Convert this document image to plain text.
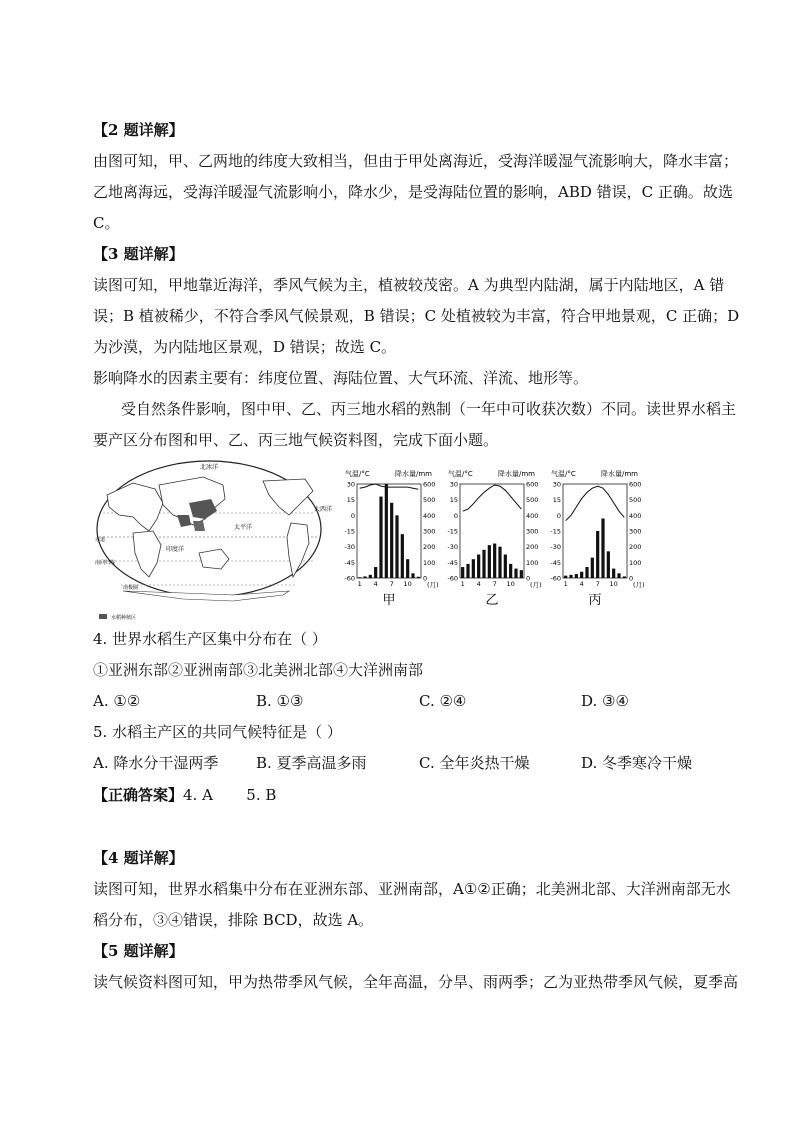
【2 题详解】
由图可知，甲、乙两地的纬度大致相当，但由于甲处离海近，受海洋暖湿气流影响大，降水丰富；
乙地离海远，受海洋暖湿气流影响小，降水少，是受海陆位置的影响，ABD 错误，C 正确。故选
C。
【3 题详解】
读图可知，甲地靠近海洋，季风气候为主，植被较茂密。A 为典型内陆湖，属于内陆地区，A 错
误；B 植被稀少，不符合季风气候景观，B 错误；C 处植被较为丰富，符合甲地景观，C 正确；D
为沙漠，为内陆地区景观，D 错误；故选 C。
影响降水的因素主要有：纬度位置、海陆位置、大气环流、洋流、地形等。
受自然条件影响，图中甲、乙、丙三地水稻的熟制（一年中可收获次数）不同。读世界水稻主
要产区分布图和甲、乙、丙三地气候资料图，完成下面小题。
北冰洋
太平洋
大西洋
印度洋
赤道
南回归线
南极圈
水稻种植区
气温/°C	降水量/mm
30
15
0
-15
-30
-45
-60
600
500
400
300
200
100
0
1 4 7 10 (月)
甲
气温/°C	降水量/mm
30
15
0
-15
-30
-45
-60
600
500
400
300
200
100
0
1 4 7 10 (月)
乙
气温/°C	降水量/mm
30
15
0
-15
-30
-45
-60
600
500
400
300
200
100
0
1 4 7 10 (月)
丙
4. 世界水稻生产区集中分布在（ ）
①亚洲东部②亚洲南部③北美洲北部④大洋洲南部
A. ①②	B. ①③	C. ②④	D. ③④
5. 水稻主产区的共同气候特征是（ ）
A. 降水分干湿两季	B. 夏季高温多雨	C. 全年炎热干燥	D. 冬季寒冷干燥
【正确答案】4. A       5. B
【4 题详解】
读图可知，世界水稻集中分布在亚洲东部、亚洲南部，A①②正确；北美洲北部、大洋洲南部无水
稻分布，③④错误，排除 BCD，故选 A。
【5 题详解】
读气候资料图可知，甲为热带季风气候，全年高温，分旱、雨两季；乙为亚热带季风气候，夏季高
